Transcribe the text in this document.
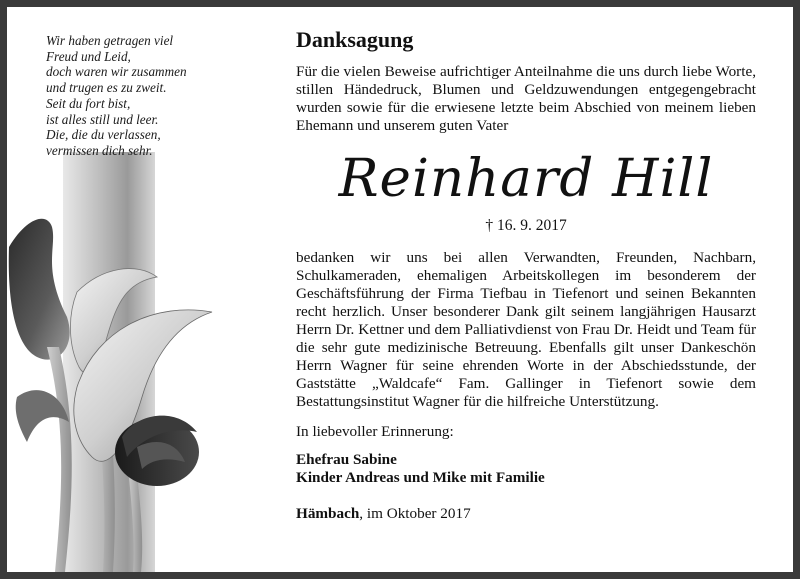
Wir haben getragen viel
Freud und Leid,
doch waren wir zusammen
und trugen es zu zweit.
Seit du fort bist,
ist alles still und leer.
Die, die du verlassen,
vermissen dich sehr.
Danksagung

Für die vielen Beweise aufrichtiger Anteilnahme die uns durch liebe Worte, stillen Händedruck, Blumen und Geldzuwendungen entgegengebracht wurden sowie für die erwiesene letzte beim Abschied von meinem lieben Ehemann und unserem guten Vater

Reinhard Hill
† 16. 9. 2017

bedanken wir uns bei allen Verwandten, Freunden, Nachbarn, Schulkameraden, ehemaligen Arbeitskollegen im besonderem der Geschäftsführung der Firma Tiefbau in Tiefenort und seinen Bekannten recht herzlich. Unser besonderer Dank gilt seinem langjährigen Hausarzt Herrn Dr. Kettner und dem Palliativdienst von Frau Dr. Heidt und Team für die sehr gute medizinische Betreuung. Ebenfalls gilt unser Dankeschön Herrn Wagner für seine ehrenden Worte in der Abschiedsstunde, der Gaststätte „Waldcafe“ Fam. Gallinger in Tiefenort sowie dem Bestattungsinstitut Wagner für die hilfreiche Unterstützung.

In liebevoller Erinnerung:

Ehefrau Sabine
Kinder Andreas und Mike mit Familie
Hämbach, im Oktober 2017
